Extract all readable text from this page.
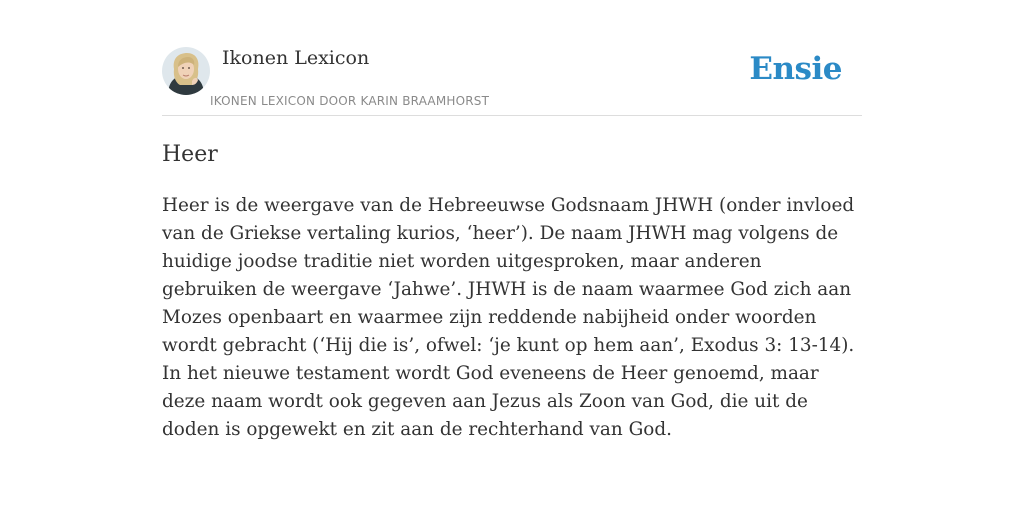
Ikonen Lexicon
IKONEN LEXICON DOOR KARIN BRAAMHORST
Ensie
Heer

Heer is de weergave van de Hebreeuwse Godsnaam JHWH (onder invloed van de Griekse vertaling kurios, ‘heer’). De naam JHWH mag volgens de huidige joodse traditie niet worden uitgesproken, maar anderen gebruiken de weergave ‘Jahwe’. JHWH is de naam waarmee God zich aan Mozes openbaart en waarmee zijn reddende nabijheid onder woorden wordt gebracht (‘Hij die is’, ofwel: ‘je kunt op hem aan’, Exodus 3: 13-14). In het nieuwe testament wordt God eveneens de Heer genoemd, maar deze naam wordt ook gegeven aan Jezus als Zoon van God, die uit de doden is opgewekt en zit aan de rechterhand van God.
